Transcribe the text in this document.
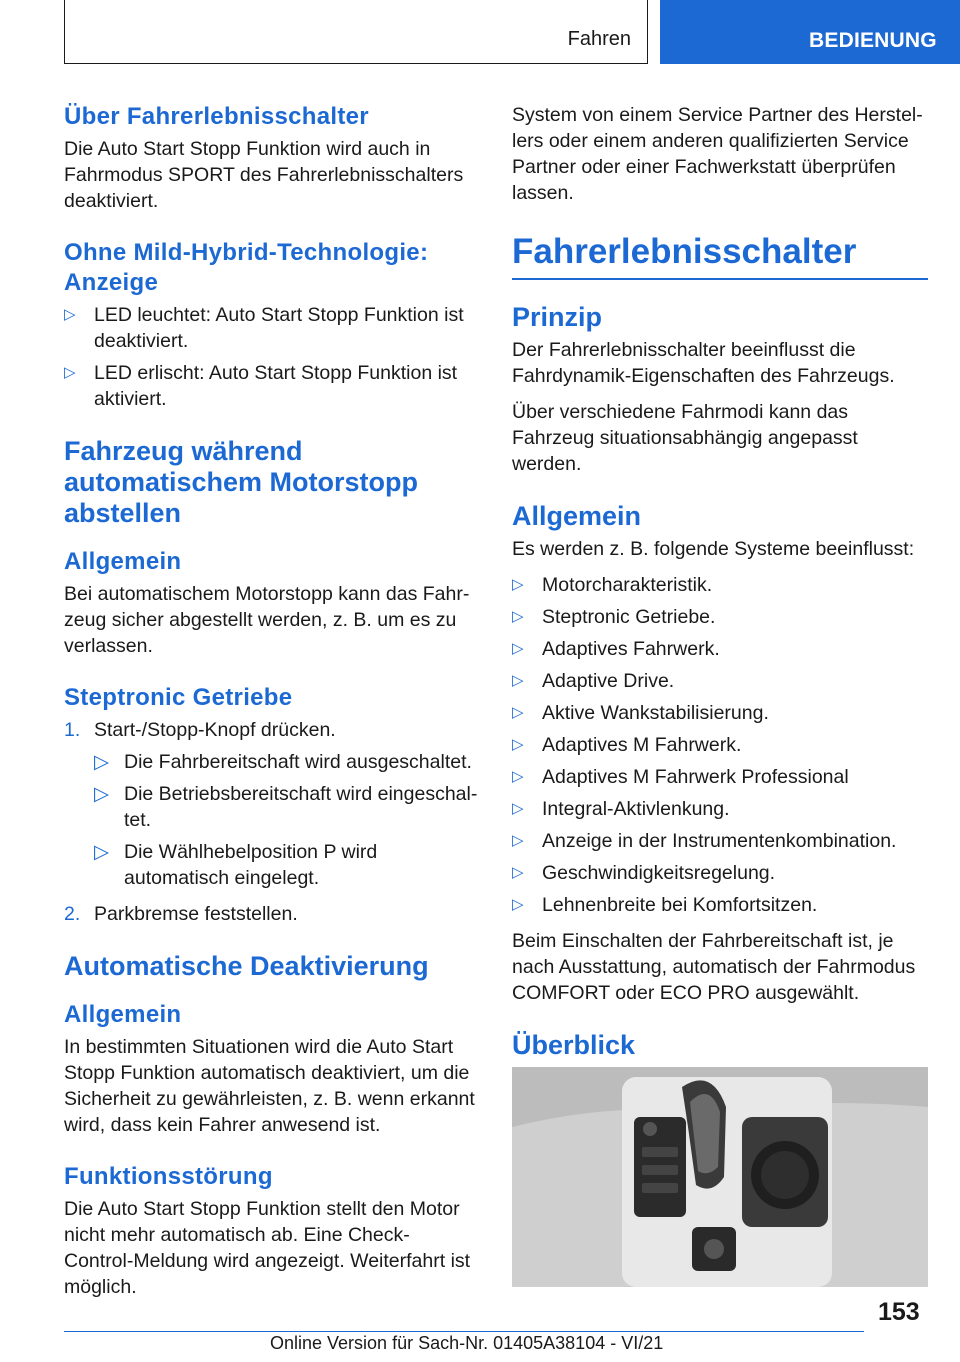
Fahren	BEDIENUNG
Über Fahrerlebnisschalter

Die Auto Start Stopp Funktion wird auch in Fahrmodus SPORT des Fahrerlebnisschalters deaktiviert.

Ohne Mild-Hybrid-Technologie: Anzeige
▷ LED leuchtet: Auto Start Stopp Funktion ist deaktiviert.
▷ LED erlischt: Auto Start Stopp Funktion ist aktiviert.
Fahrzeug während automatischem Motorstopp abstellen
Allgemein

Bei automatischem Motorstopp kann das Fahrzeug sicher abgestellt werden, z. B. um es zu verlassen.

Steptronic Getriebe
1. Start-/Stopp-Knopf drücken.
▷ Die Fahrbereitschaft wird ausgeschaltet.
▷ Die Betriebsbereitschaft wird eingeschaltet.
▷ Die Wählhebelposition P wird automatisch eingelegt.
2. Parkbremse feststellen.
Automatische Deaktivierung
Allgemein

In bestimmten Situationen wird die Auto Start Stopp Funktion automatisch deaktiviert, um die Sicherheit zu gewährleisten, z. B. wenn erkannt wird, dass kein Fahrer anwesend ist.

Funktionsstörung

Die Auto Start Stopp Funktion stellt den Motor nicht mehr automatisch ab. Eine Check-Control-Meldung wird angezeigt. Weiterfahrt ist möglich.

System von einem Service Partner des Herstellers oder einem anderen qualifizierten Service Partner oder einer Fachwerkstatt überprüfen lassen.

Fahrerlebnisschalter
Prinzip

Der Fahrerlebnisschalter beeinflusst die Fahrdynamik-Eigenschaften des Fahrzeugs.

Über verschiedene Fahrmodi kann das Fahrzeug situationsabhängig angepasst werden.

Allgemein

Es werden z. B. folgende Systeme beeinflusst:

▷ Motorcharakteristik.
▷ Steptronic Getriebe.
▷ Adaptives Fahrwerk.
▷ Adaptive Drive.
▷ Aktive Wankstabilisierung.
▷ Adaptives M Fahrwerk.
▷ Adaptives M Fahrwerk Professional
▷ Integral-Aktivlenkung.
▷ Anzeige in der Instrumentenkombination.
▷ Geschwindigkeitsregelung.
▷ Lehnenbreite bei Komfortsitzen.

Beim Einschalten der Fahrbereitschaft ist, je nach Ausstattung, automatisch der Fahrmodus COMFORT oder ECO PRO ausgewählt.

Überblick
153
Online Version für Sach-Nr. 01405A38104 - VI/21
